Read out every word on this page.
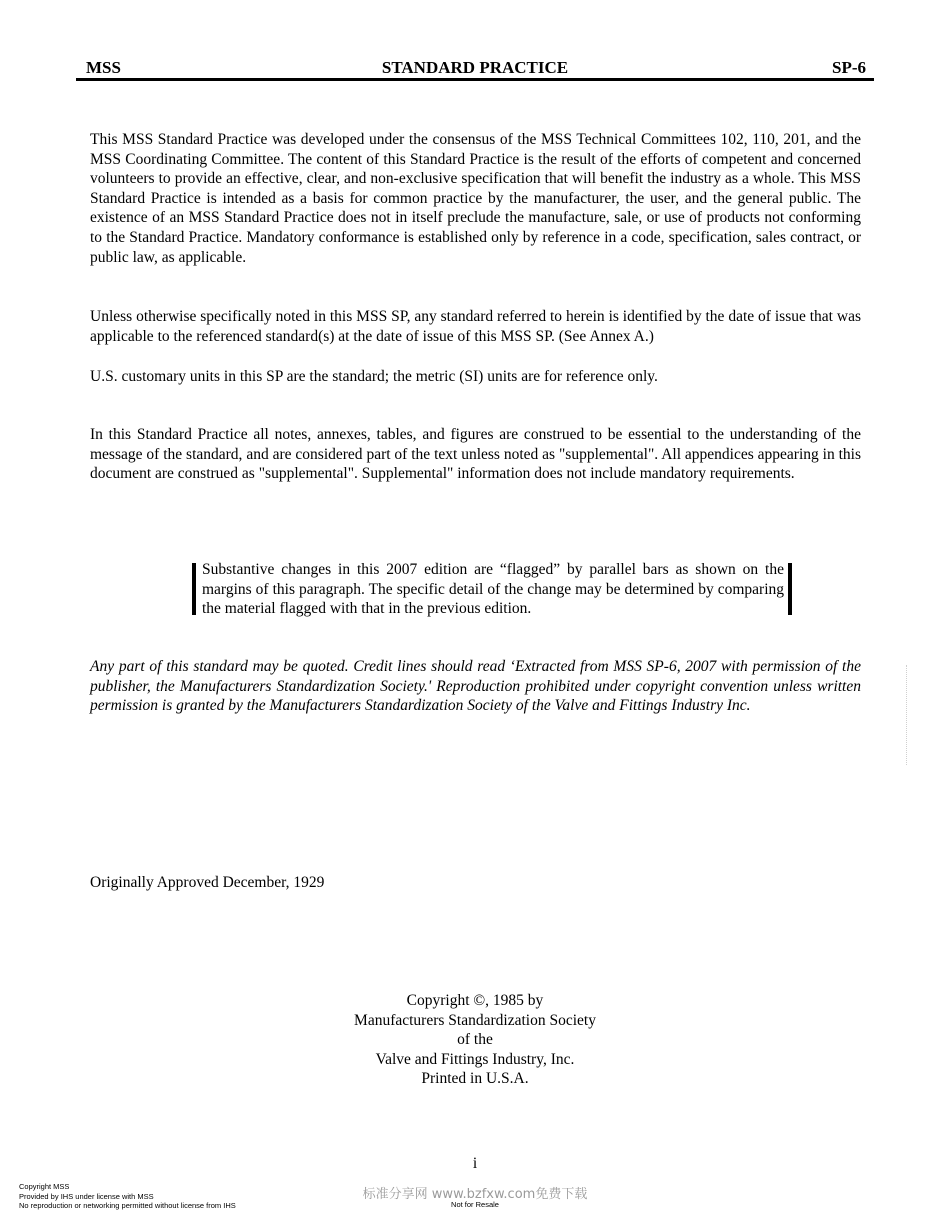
MSS	STANDARD PRACTICE	SP-6

This MSS Standard Practice was developed under the consensus of the MSS Technical Committees 102, 110, 201, and the MSS Coordinating Committee. The content of this Standard Practice is the result of the efforts of competent and concerned volunteers to provide an effective, clear, and non-exclusive specification that will benefit the industry as a whole. This MSS Standard Practice is intended as a basis for common practice by the manufacturer, the user, and the general public. The existence of an MSS Standard Practice does not in itself preclude the manufacture, sale, or use of products not conforming to the Standard Practice. Mandatory conformance is established only by reference in a code, specification, sales contract, or public law, as applicable.

Unless otherwise specifically noted in this MSS SP, any standard referred to herein is identified by the date of issue that was applicable to the referenced standard(s) at the date of issue of this MSS SP. (See Annex A.)

U.S. customary units in this SP are the standard; the metric (SI) units are for reference only.

In this Standard Practice all notes, annexes, tables, and figures are construed to be essential to the understanding of the message of the standard, and are considered part of the text unless noted as "supplemental". All appendices appearing in this document are construed as "supplemental". Supplemental" information does not include mandatory requirements.

Substantive changes in this 2007 edition are “flagged” by parallel bars as shown on the margins of this paragraph. The specific detail of the change may be determined by comparing the material flagged with that in the previous edition.

Any part of this standard may be quoted. Credit lines should read ‘Extracted from MSS SP-6, 2007 with permission of the publisher, the Manufacturers Standardization Society.' Reproduction prohibited under copyright convention unless written permission is granted by the Manufacturers Standardization Society of the Valve and Fittings Industry Inc.

Originally Approved December, 1929
Copyright ©, 1985 by
Manufacturers Standardization Society
of the
Valve and Fittings Industry, Inc.
Printed in U.S.A.
i
Copyright MSS
Provided by IHS under license with MSS
No reproduction or networking permitted without license from IHS
标准分享网 www.bzfxw.com免费下载
Not for Resale
